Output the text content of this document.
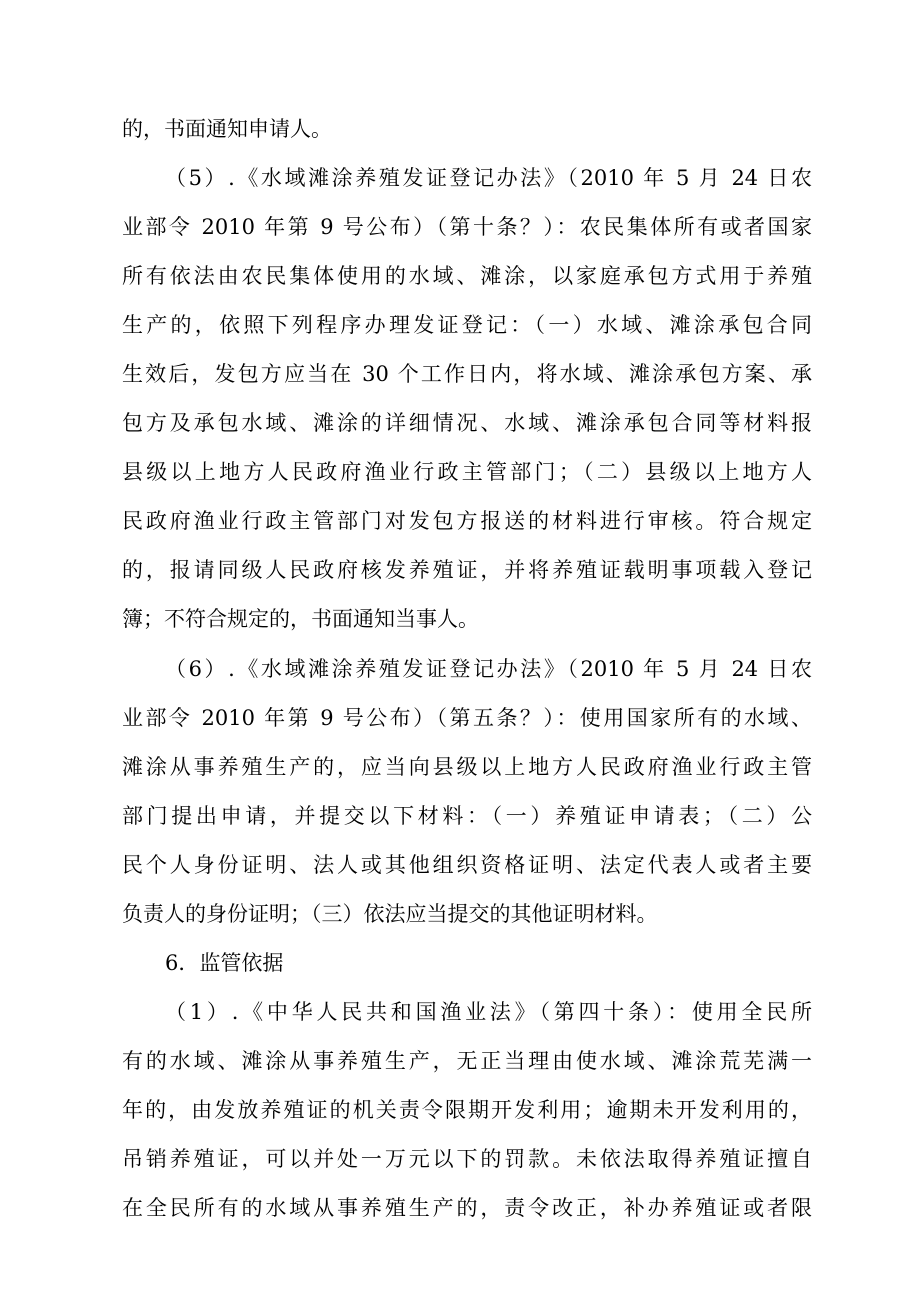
的，书面通知申请人。
（5）.《水域滩涂养殖发证登记办法》（2010 年 5 月 24 日农
业部令 2010 年第 9 号公布）（第十条？）：农民集体所有或者国家
所有依法由农民集体使用的水域、滩涂，以家庭承包方式用于养殖
生产的，依照下列程序办理发证登记：（一）水域、滩涂承包合同
生效后，发包方应当在 30 个工作日内，将水域、滩涂承包方案、承
包方及承包水域、滩涂的详细情况、水域、滩涂承包合同等材料报
县级以上地方人民政府渔业行政主管部门；（二）县级以上地方人
民政府渔业行政主管部门对发包方报送的材料进行审核。符合规定
的，报请同级人民政府核发养殖证，并将养殖证载明事项载入登记
簿；不符合规定的，书面通知当事人。
（6）.《水域滩涂养殖发证登记办法》（2010 年 5 月 24 日农
业部令 2010 年第 9 号公布）（第五条？）：使用国家所有的水域、
滩涂从事养殖生产的，应当向县级以上地方人民政府渔业行政主管
部门提出申请，并提交以下材料：（一）养殖证申请表；（二）公
民个人身份证明、法人或其他组织资格证明、法定代表人或者主要
负责人的身份证明；（三）依法应当提交的其他证明材料。
6．监管依据
（1）.《中华人民共和国渔业法》（第四十条）：使用全民所
有的水域、滩涂从事养殖生产，无正当理由使水域、滩涂荒芜满一
年的，由发放养殖证的机关责令限期开发利用；逾期未开发利用的，
吊销养殖证，可以并处一万元以下的罚款。未依法取得养殖证擅自
在全民所有的水域从事养殖生产的，责令改正，补办养殖证或者限
